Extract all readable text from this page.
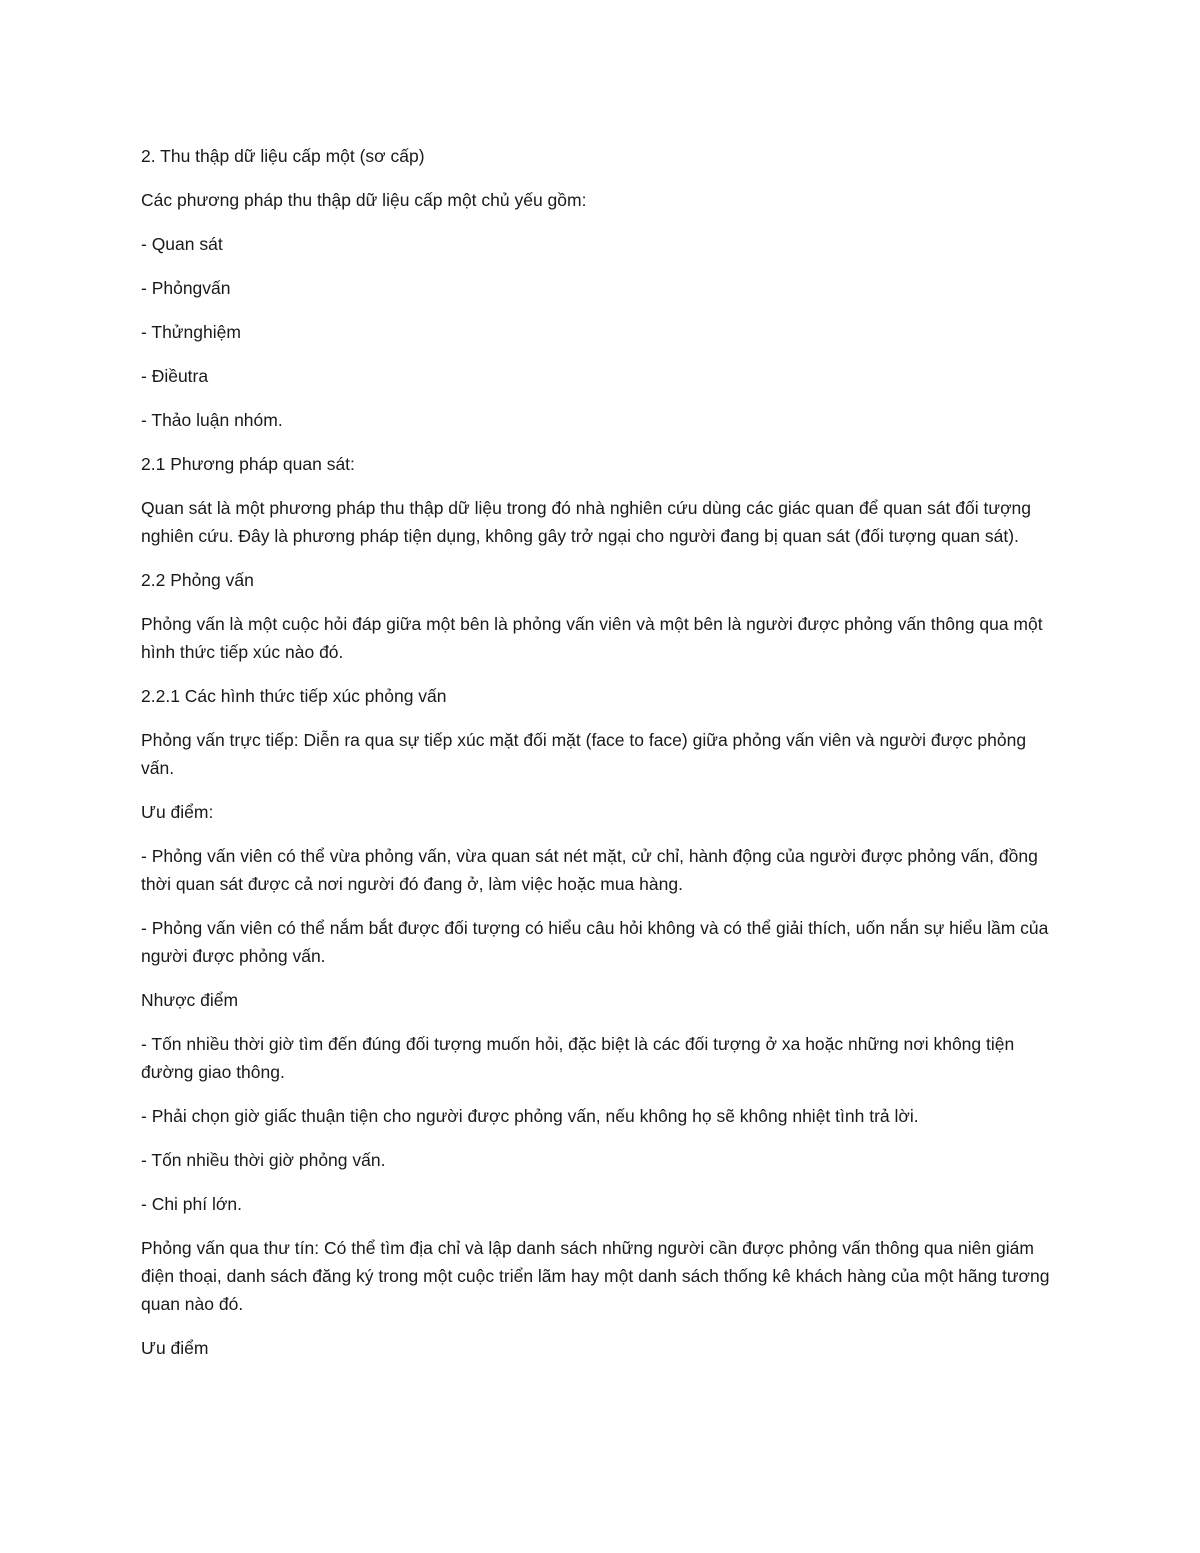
2. Thu thập dữ liệu cấp một (sơ cấp)

Các phương pháp thu thập dữ liệu cấp một chủ yếu gồm:

- Quan sát

- Phỏngvấn

- Thửnghiệm

- Điềutra

- Thảo luận nhóm.

2.1 Phương pháp quan sát:

Quan sát là một phương pháp thu thập dữ liệu trong đó nhà nghiên cứu dùng các giác quan để quan sát đối tượng nghiên cứu. Đây là phương pháp tiện dụng, không gây trở ngại cho người đang bị quan sát (đối tượng quan sát).

2.2 Phỏng vấn

Phỏng vấn là một cuộc hỏi đáp giữa một bên là phỏng vấn viên và một bên là người được phỏng vấn thông qua một hình thức tiếp xúc nào đó.

2.2.1 Các hình thức tiếp xúc phỏng vấn

Phỏng vấn trực tiếp: Diễn ra qua sự tiếp xúc mặt đối mặt (face to face) giữa phỏng vấn viên và người được phỏng vấn.

Ưu điểm:

- Phỏng vấn viên có thể vừa phỏng vấn, vừa quan sát nét mặt, cử chỉ, hành động của người được phỏng vấn, đồng thời quan sát được cả nơi người đó đang ở, làm việc hoặc mua hàng.

- Phỏng vấn viên có thể nắm bắt được đối tượng có hiểu câu hỏi không và có thể giải thích, uốn nắn sự hiểu lầm của người được phỏng vấn.

Nhược điểm

- Tốn nhiều thời giờ tìm đến đúng đối tượng muốn hỏi, đặc biệt là các đối tượng ở xa hoặc những nơi không tiện đường giao thông.

- Phải chọn giờ giấc thuận tiện cho người được phỏng vấn, nếu không họ sẽ không nhiệt tình trả lời.

- Tốn nhiều thời giờ phỏng vấn.

- Chi phí lớn.

Phỏng vấn qua thư tín: Có thể tìm địa chỉ và lập danh sách những người cần được phỏng vấn thông qua niên giám điện thoại, danh sách đăng ký trong một cuộc triển lãm hay một danh sách thống kê khách hàng của một hãng tương quan nào đó.

Ưu điểm
